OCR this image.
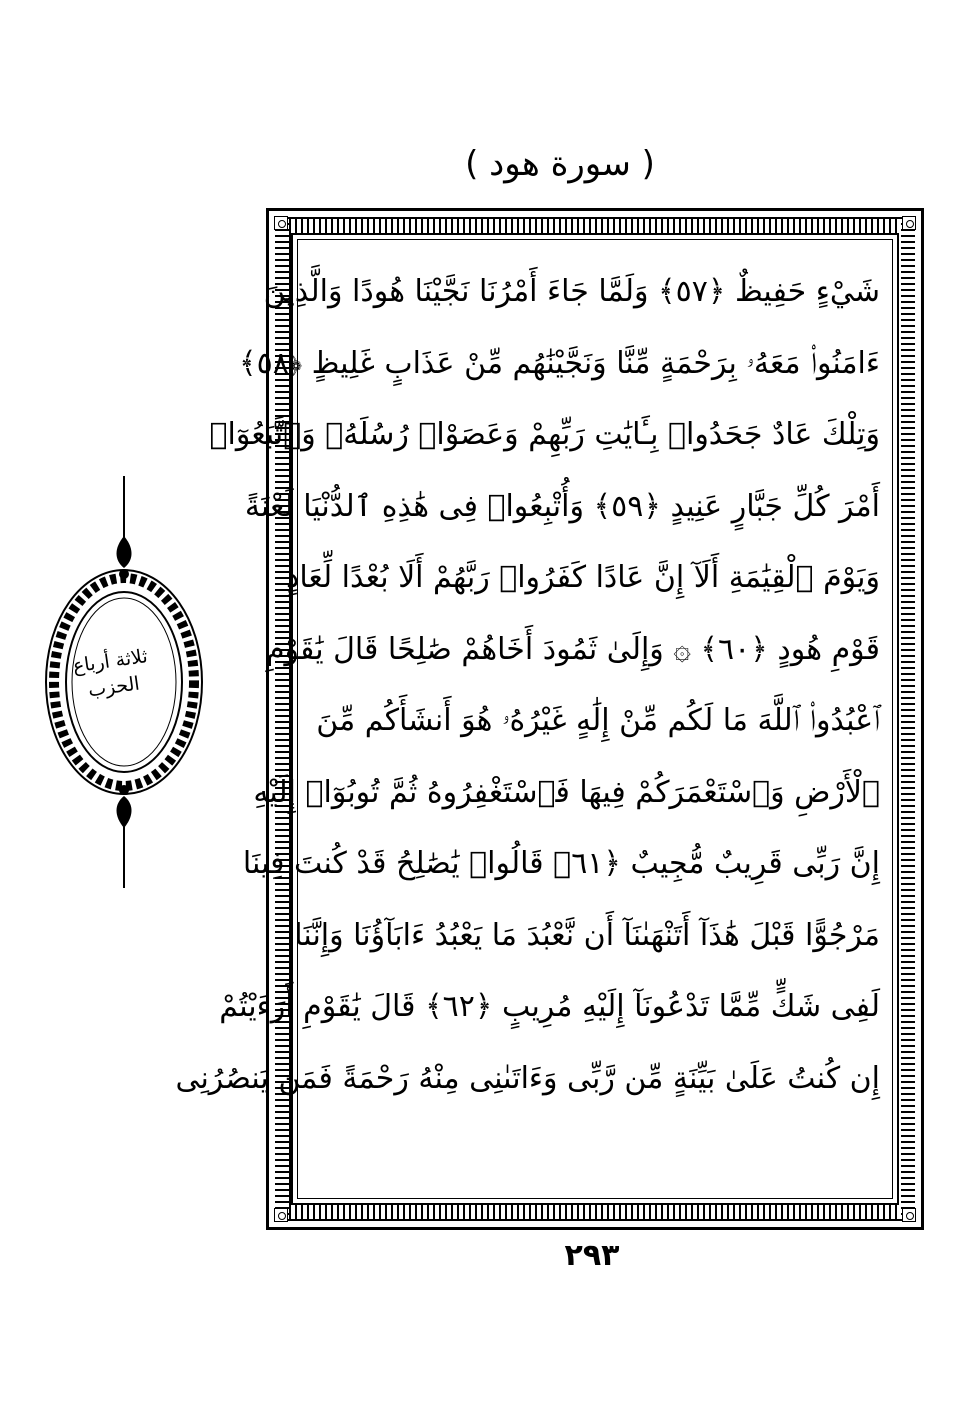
( سورة هود )
شَيْءٍ حَفِيظٌ ﴿٥٧﴾ وَلَمَّا جَاءَ أَمْرُنَا نَجَّيْنَا هُودًا وَالَّذِينَ
ءَامَنُوا۟ مَعَهُۥ بِرَحْمَةٍ مِّنَّا وَنَجَّيْنَٰهُم مِّنْ عَذَابٍ غَلِيظٍ ﴿٥٨﴾
وَتِلْكَ عَادٌ جَحَدُوا۟ بِـَٔايَٰتِ رَبِّهِمْ وَعَصَوْا۟ رُسُلَهُۥ وَٱتَّبَعُوٓا۟
أَمْرَ كُلِّ جَبَّارٍ عَنِيدٍ ﴿٥٩﴾ وَأُتْبِعُوا۟ فِى هَٰذِهِ ٱلدُّنْيَا لَعْنَةً
وَيَوْمَ ٱلْقِيَٰمَةِ أَلَآ إِنَّ عَادًا كَفَرُوا۟ رَبَّهُمْ أَلَا بُعْدًا لِّعَادٍ
قَوْمِ هُودٍ ﴿٦٠﴾ ۞ وَإِلَىٰ ثَمُودَ أَخَاهُمْ صَٰلِحًا قَالَ يَٰقَوْمِ
ٱعْبُدُوا۟ ٱللَّهَ مَا لَكُم مِّنْ إِلَٰهٍ غَيْرُهُۥ هُوَ أَنشَأَكُم مِّنَ
ٱلْأَرْضِ وَٱسْتَعْمَرَكُمْ فِيهَا فَٱسْتَغْفِرُوهُ ثُمَّ تُوبُوٓا۟ إِلَيْهِ
إِنَّ رَبِّى قَرِيبٌ مُّجِيبٌ ﴿٦١﴾ قَالُوا۟ يَٰصَٰلِحُ قَدْ كُنتَ فِينَا
مَرْجُوًّا قَبْلَ هَٰذَآ أَتَنْهَىٰنَآ أَن نَّعْبُدَ مَا يَعْبُدُ ءَابَآؤُنَا وَإِنَّنَا
لَفِى شَكٍّ مِّمَّا تَدْعُونَآ إِلَيْهِ مُرِيبٍ ﴿٦٢﴾ قَالَ يَٰقَوْمِ أَرَءَيْتُمْ
إِن كُنتُ عَلَىٰ بَيِّنَةٍ مِّن رَّبِّى وَءَاتَىٰنِى مِنْهُ رَحْمَةً فَمَن يَنصُرُنِى
ثلاثة أرباع الحزب
٢٩٣
